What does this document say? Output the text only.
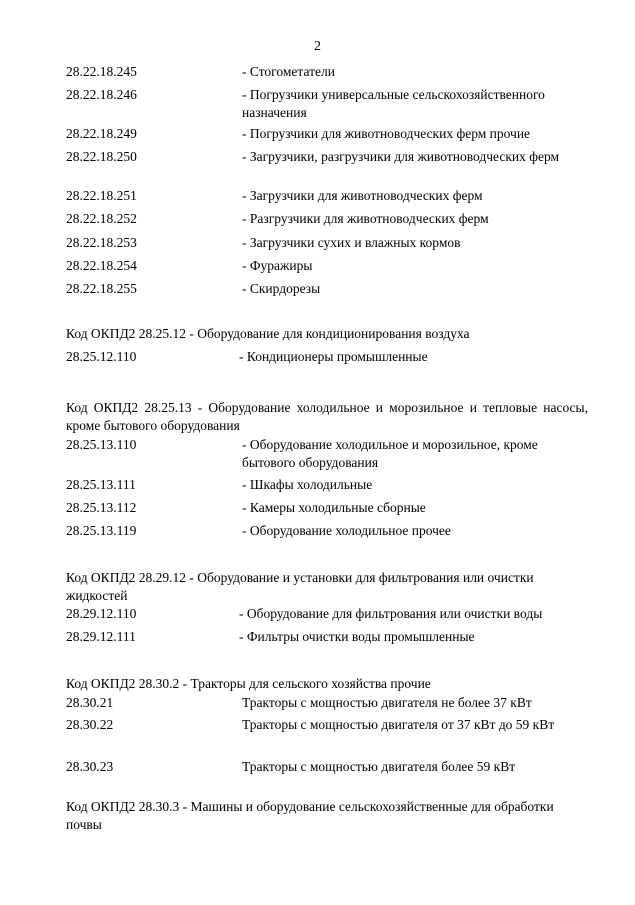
2
28.22.18.245	- Стогометатели
28.22.18.246	- Погрузчики универсальные сельскохозяйственного назначения
28.22.18.249	- Погрузчики для животноводческих ферм прочие
28.22.18.250	- Загрузчики, разгрузчики для животноводческих ферм
28.22.18.251	- Загрузчики для животноводческих ферм
28.22.18.252	- Разгрузчики для животноводческих ферм
28.22.18.253	- Загрузчики сухих и влажных кормов
28.22.18.254	- Фуражиры
28.22.18.255	- Скирдорезы
Код ОКПД2 28.25.12 - Оборудование для кондиционирования воздуха
28.25.12.110	- Кондиционеры промышленные
Код ОКПД2 28.25.13 - Оборудование холодильное и морозильное и тепловые насосы, кроме бытового оборудования
28.25.13.110	- Оборудование холодильное и морозильное, кроме бытового оборудования
28.25.13.111	- Шкафы холодильные
28.25.13.112	- Камеры холодильные сборные
28.25.13.119	- Оборудование холодильное прочее
Код ОКПД2 28.29.12 - Оборудование и установки для фильтрования или очистки жидкостей
28.29.12.110	- Оборудование для фильтрования или очистки воды
28.29.12.111	- Фильтры очистки воды промышленные
Код ОКПД2 28.30.2 - Тракторы для сельского хозяйства прочие
28.30.21	Тракторы с мощностью двигателя не более 37 кВт
28.30.22	Тракторы с мощностью двигателя от 37 кВт до 59 кВт
28.30.23	Тракторы с мощностью двигателя более 59 кВт
Код ОКПД2 28.30.3 - Машины и оборудование сельскохозяйственные для обработки почвы
